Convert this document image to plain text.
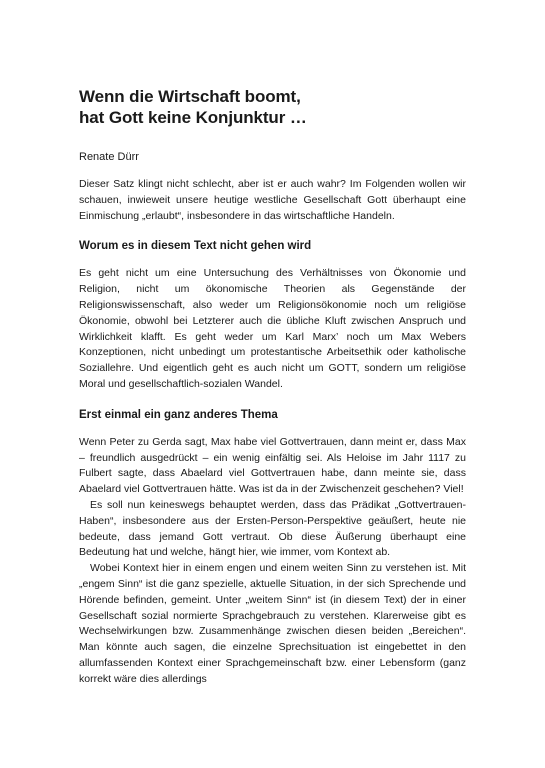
Wenn die Wirtschaft boomt,
hat Gott keine Konjunktur …
Renate Dürr

Dieser Satz klingt nicht schlecht, aber ist er auch wahr? Im Folgenden wollen wir schauen, inwieweit unsere heutige westliche Gesellschaft Gott überhaupt eine Einmischung „erlaubt“, insbesondere in das wirtschaftliche Handeln.

Worum es in diesem Text nicht gehen wird

Es geht nicht um eine Untersuchung des Verhältnisses von Ökonomie und Religion, nicht um ökonomische Theorien als Gegenstände der Religionswissenschaft, also weder um Religionsökonomie noch um religiöse Ökonomie, obwohl bei Letzterer auch die übliche Kluft zwischen Anspruch und Wirklichkeit klafft. Es geht weder um Karl Marx’ noch um Max Webers Konzeptionen, nicht unbedingt um protestantische Arbeitsethik oder katholische Soziallehre. Und eigentlich geht es auch nicht um GOTT, sondern um religiöse Moral und gesellschaftlich-sozialen Wandel.

Erst einmal ein ganz anderes Thema

Wenn Peter zu Gerda sagt, Max habe viel Gottvertrauen, dann meint er, dass Max – freundlich ausgedrückt – ein wenig einfältig sei. Als Heloise im Jahr 1117 zu Fulbert sagte, dass Abaelard viel Gottvertrauen habe, dann meinte sie, dass Abaelard viel Gottvertrauen hätte. Was ist da in der Zwischenzeit geschehen? Viel!

Es soll nun keineswegs behauptet werden, dass das Prädikat „Gottvertrauen-Haben“, insbesondere aus der Ersten-Person-Perspektive geäußert, heute nie bedeute, dass jemand Gott vertraut. Ob diese Äußerung überhaupt eine Bedeutung hat und welche, hängt hier, wie immer, vom Kontext ab.

Wobei Kontext hier in einem engen und einem weiten Sinn zu verstehen ist. Mit „engem Sinn“ ist die ganz spezielle, aktuelle Situation, in der sich Sprechende und Hörende befinden, gemeint. Unter „weitem Sinn“ ist (in diesem Text) der in einer Gesellschaft sozial normierte Sprachgebrauch zu verstehen. Klarerweise gibt es Wechselwirkungen bzw. Zusammenhänge zwischen diesen beiden „Bereichen“. Man könnte auch sagen, die einzelne Sprechsituation ist eingebettet in den allumfassenden Kontext einer Sprachgemeinschaft bzw. einer Lebensform (ganz korrekt wäre dies allerdings
